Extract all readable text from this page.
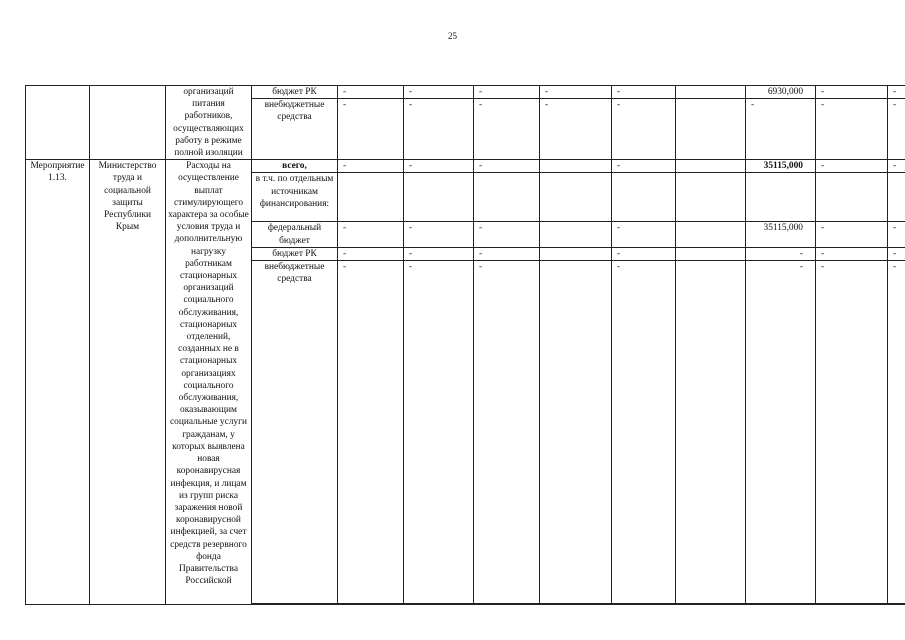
25
		организаций питания работников, осуществляющих работу в режиме полной изоляции	бюджет РК	-	-	-	-	-		6930,000	-	-
			внебюджетные средства	-	-	-	-	-		-	-	-
Мероприятие 1.13.	Министерство труда и социальной защиты Республики Крым	Расходы на осуществление выплат стимулирующего характера за особые условия труда и дополнительную нагрузку работникам стационарных организаций социального обслуживания, стационарных отделений, созданных не в стационарных организациях социального обслуживания, оказывающим социальные услуги гражданам, у которых выявлена новая коронавирусная инфекция, и лицам из групп риска заражения новой коронавирусной инфекцией, за счет средств резервного фонда Правительства Российской	всего,	-	-	-		-		35115,000	-	-
			в т.ч. по отдельным источникам финансирования:									
			федеральный бюджет	-	-	-		-		35115,000	-	-
			бюджет РК	-	-	-		-		-	-	-
			внебюджетные средства	-	-	-		-		-	-	-
